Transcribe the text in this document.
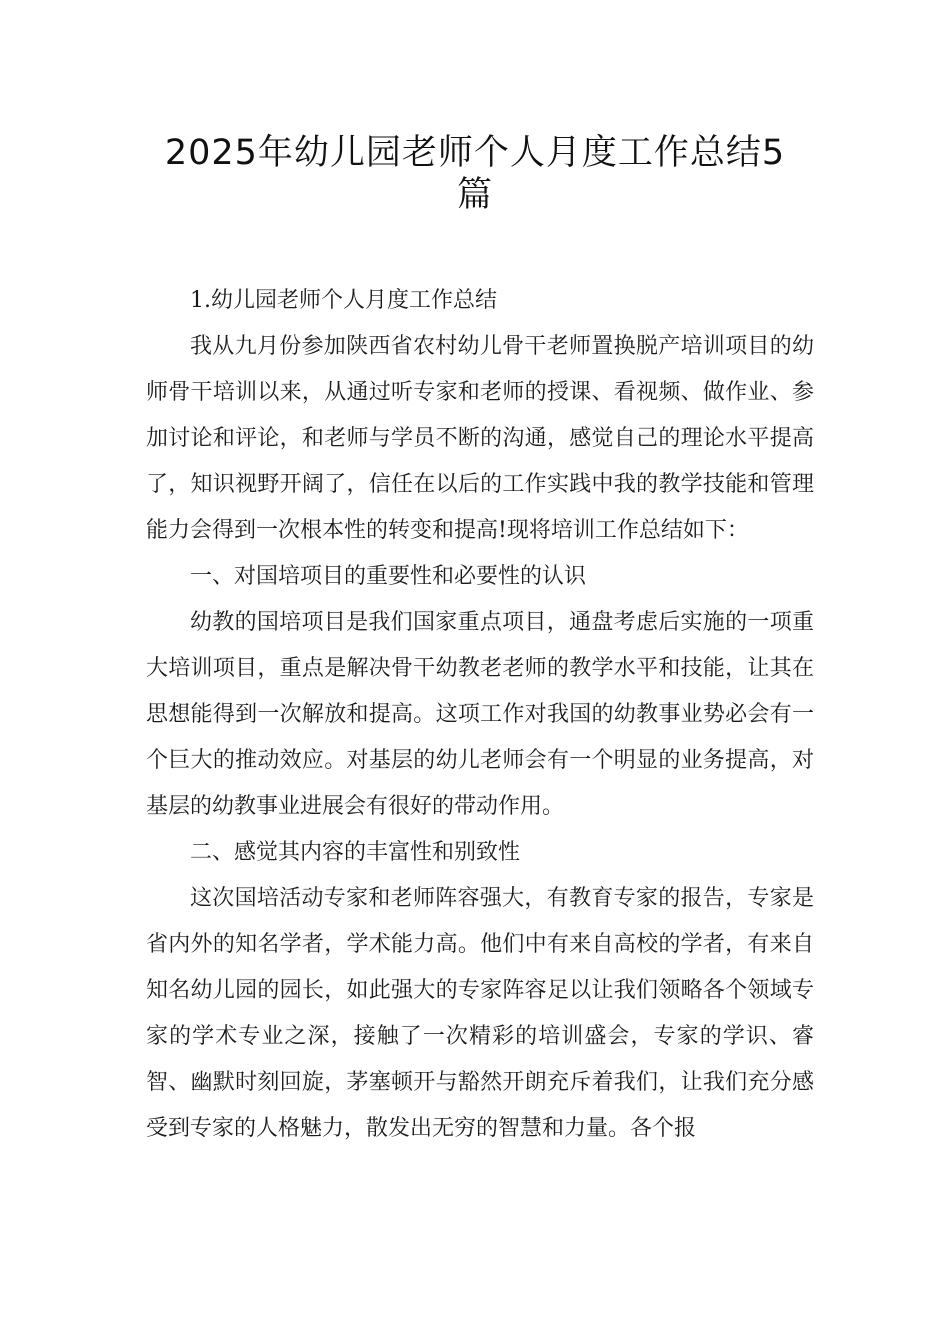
2025年幼儿园老师个人月度工作总结5
篇

1.幼儿园老师个人月度工作总结

我从九月份参加陕西省农村幼儿骨干老师置换脱产培训项目的幼师骨干培训以来，从通过听专家和老师的授课、看视频、做作业、参加讨论和评论，和老师与学员不断的沟通，感觉自己的理论水平提高了，知识视野开阔了，信任在以后的工作实践中我的教学技能和管理能力会得到一次根本性的转变和提高!现将培训工作总结如下：

一、对国培项目的重要性和必要性的认识

幼教的国培项目是我们国家重点项目，通盘考虑后实施的一项重大培训项目，重点是解决骨干幼教老老师的教学水平和技能，让其在思想能得到一次解放和提高。这项工作对我国的幼教事业势必会有一个巨大的推动效应。对基层的幼儿老师会有一个明显的业务提高，对基层的幼教事业进展会有很好的带动作用。

二、感觉其内容的丰富性和别致性

这次国培活动专家和老师阵容强大，有教育专家的报告，专家是省内外的知名学者，学术能力高。他们中有来自高校的学者，有来自知名幼儿园的园长，如此强大的专家阵容足以让我们领略各个领域专家的学术专业之深，接触了一次精彩的培训盛会，专家的学识、睿智、幽默时刻回旋，茅塞顿开与豁然开朗充斥着我们，让我们充分感受到专家的人格魅力，散发出无穷的智慧和力量。各个报
